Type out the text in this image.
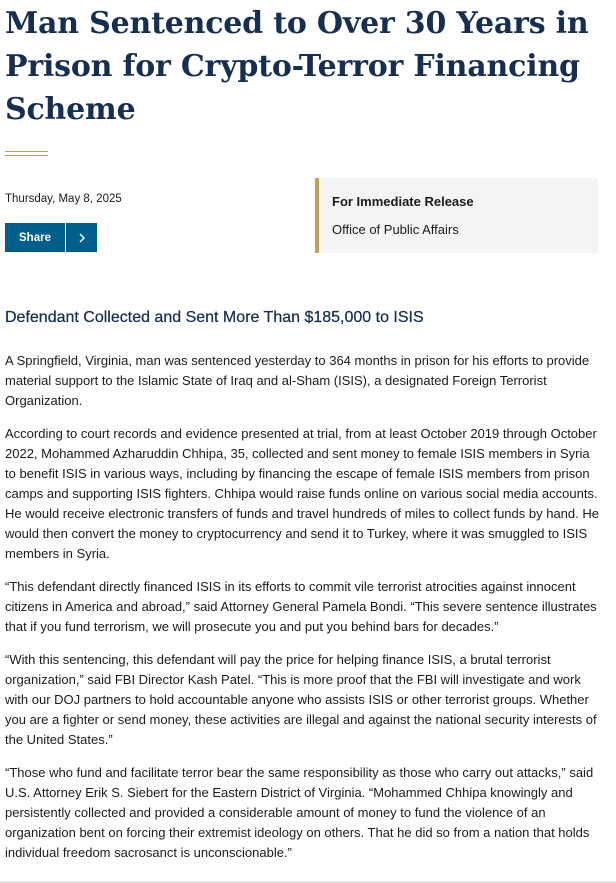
Man Sentenced to Over 30 Years in Prison for Crypto-Terror Financing Scheme
Thursday, May 8, 2025
Share
For Immediate Release
Office of Public Affairs
Defendant Collected and Sent More Than $185,000 to ISIS

A Springfield, Virginia, man was sentenced yesterday to 364 months in prison for his efforts to provide material support to the Islamic State of Iraq and al-Sham (ISIS), a designated Foreign Terrorist Organization.

According to court records and evidence presented at trial, from at least October 2019 through October 2022, Mohammed Azharuddin Chhipa, 35, collected and sent money to female ISIS members in Syria to benefit ISIS in various ways, including by financing the escape of female ISIS members from prison camps and supporting ISIS fighters. Chhipa would raise funds online on various social media accounts. He would receive electronic transfers of funds and travel hundreds of miles to collect funds by hand. He would then convert the money to cryptocurrency and send it to Turkey, where it was smuggled to ISIS members in Syria.

“This defendant directly financed ISIS in its efforts to commit vile terrorist atrocities against innocent citizens in America and abroad,” said Attorney General Pamela Bondi. “This severe sentence illustrates that if you fund terrorism, we will prosecute you and put you behind bars for decades.”

“With this sentencing, this defendant will pay the price for helping finance ISIS, a brutal terrorist organization,” said FBI Director Kash Patel. “This is more proof that the FBI will investigate and work with our DOJ partners to hold accountable anyone who assists ISIS or other terrorist groups. Whether you are a fighter or send money, these activities are illegal and against the national security interests of the United States.”

“Those who fund and facilitate terror bear the same responsibility as those who carry out attacks,” said U.S. Attorney Erik S. Siebert for the Eastern District of Virginia. “Mohammed Chhipa knowingly and persistently collected and provided a considerable amount of money to fund the violence of an organization bent on forcing their extremist ideology on others. That he did so from a nation that holds individual freedom sacrosanct is unconscionable.”
